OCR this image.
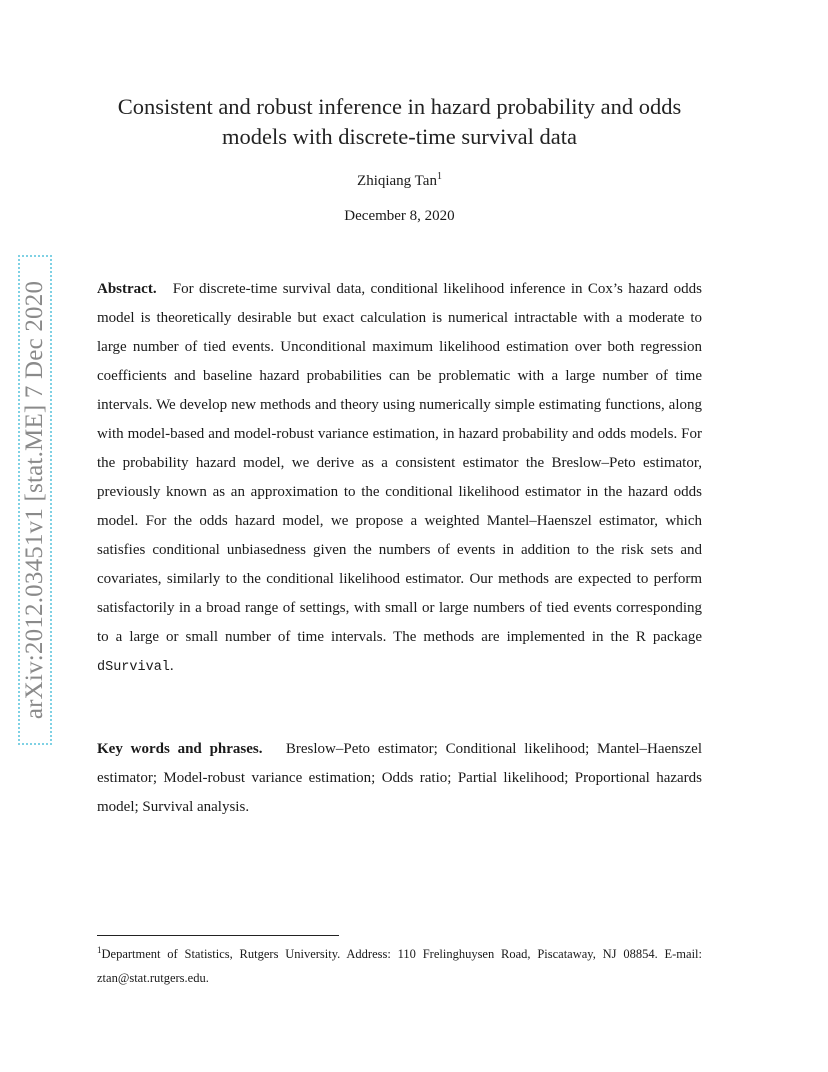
arXiv:2012.03451v1 [stat.ME] 7 Dec 2020
Consistent and robust inference in hazard probability and odds models with discrete-time survival data
Zhiqiang Tan$^1$
December 8, 2020

Abstract. For discrete-time survival data, conditional likelihood inference in Cox’s hazard odds model is theoretically desirable but exact calculation is numerical intractable with a moderate to large number of tied events. Unconditional maximum likelihood estimation over both regression coefficients and baseline hazard probabilities can be problematic with a large number of time intervals. We develop new methods and theory using numerically simple estimating functions, along with model-based and model-robust variance estimation, in hazard probability and odds models. For the probability hazard model, we derive as a consistent estimator the Breslow–Peto estimator, previously known as an approximation to the conditional likelihood estimator in the hazard odds model. For the odds hazard model, we propose a weighted Mantel–Haenszel estimator, which satisfies conditional unbiasedness given the numbers of events in addition to the risk sets and covariates, similarly to the conditional likelihood estimator. Our methods are expected to perform satisfactorily in a broad range of settings, with small or large numbers of tied events corresponding to a large or small number of time intervals. The methods are implemented in the R package dSurvival.

Key words and phrases. Breslow–Peto estimator; Conditional likelihood; Mantel–Haenszel estimator; Model-robust variance estimation; Odds ratio; Partial likelihood; Proportional hazards model; Survival analysis.

$^1$Department of Statistics, Rutgers University. Address: 110 Frelinghuysen Road, Piscataway, NJ 08854. E-mail: ztan@stat.rutgers.edu.
